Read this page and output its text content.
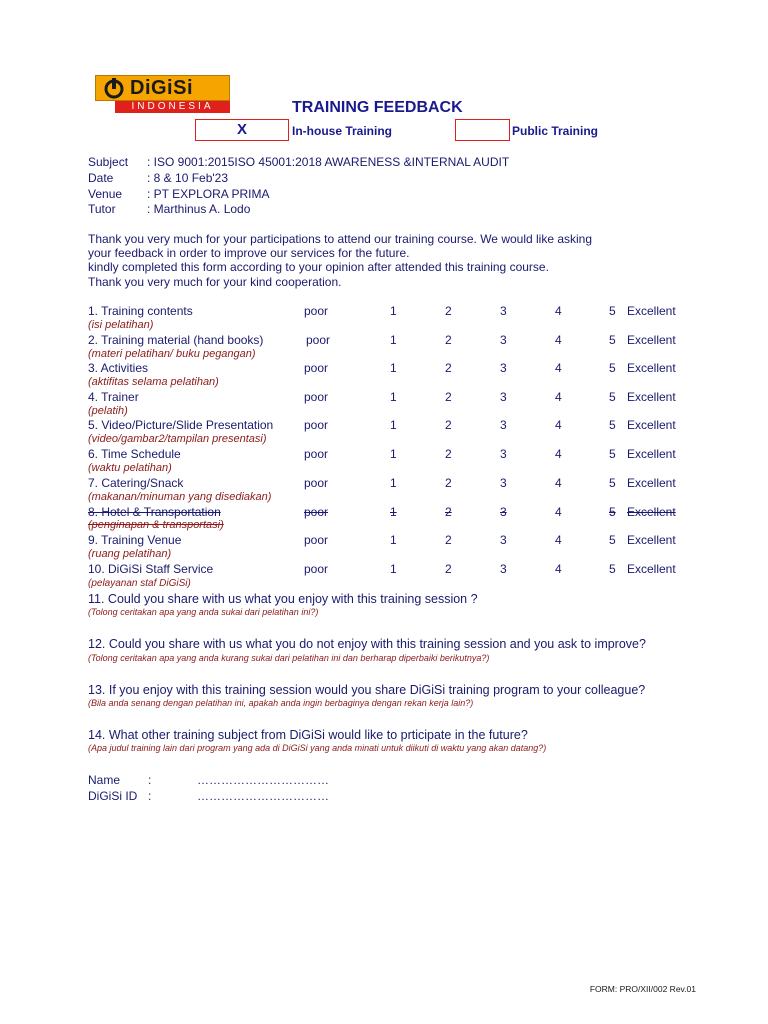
DiGiSi
INDONESIA	TRAINING FEEDBACK
X	In-house Training	Public Training
Subject : ISO 9001:2015ISO 45001:2018 AWARENESS &INTERNAL AUDIT
Date	: 8 & 10 Feb'23
Venue : PT EXPLORA PRIMA
Tutor	: Marthinus A. Lodo
Thank you very much for your participations to attend our training course. We would like asking
your feedback in order to improve our services for the future.
kindly completed this form according to your opinion after attended this training course.
Thank you very much for your kind cooperation.
1. Training contents
(isi pelatihan)
poor	1	2	3	4	5 Excellent
2. Training material (hand books)
(materi pelatihan/ buku pegangan)
poor	1	2	3	4	5 Excellent
3. Activities
(aktifitas selama pelatihan)
poor	1	2	3	4	5 Excellent
4. Trainer
(pelatih)
poor	1	2	3	4	5 Excellent
5. Video/Picture/Slide Presentation
(video/gambar2/tampilan presentasi)
poor	1	2	3	4	5 Excellent
6. Time Schedule
(waktu pelatihan)
poor	1	2	3	4	5 Excellent
7. Catering/Snack
(makanan/minuman yang disediakan)
poor	1	2	3	4	5 Excellent
8. Hotel & Transportation
(penginapan & transportasi)
poor	1	2	3	4	5 Excellent
9. Training Venue
(ruang pelatihan)
poor	1	2	3	4	5 Excellent
10. DiGiSi Staff Service
(pelayanan staf DiGiSi)
poor	1	2	3	4	5 Excellent
11. Could you share with us what you enjoy with this training session ?
(Tolong ceritakan apa yang anda sukai dari pelatihan ini?)
12. Could you share with us what you do not enjoy with this training session and you ask to improve?
(Tolong ceritakan apa yang anda kurang sukai dari pelatihan ini dan berharap diperbaiki berikutnya?)
13. If you enjoy with this training session would you share DiGiSi training program to your colleague?
(Bila anda senang dengan pelatihan ini, apakah anda ingin berbaginya dengan rekan kerja lain?)
14. What other training subject from DiGiSi would like to prticipate in the future?
(Apa judul training lain dari program yang ada di DiGiSi yang anda minati untuk diikuti di waktu yang akan datang?)
Name :	……………………………
DiGiSi ID :	……………………………
FORM: PRO/XII/002 Rev.01
